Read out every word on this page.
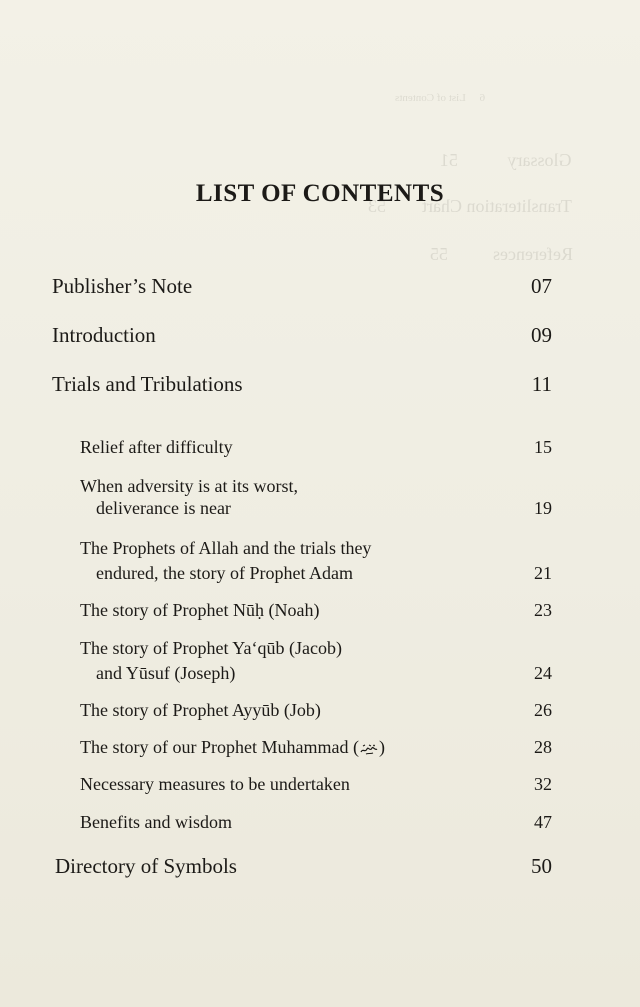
6     List of Contents
Glossary           51
Transliteration Chart        53
References          55
LIST OF CONTENTS
Publisher’s Note	07
Introduction	09
Trials and Tribulations	11
Relief after difficulty	15
When adversity is at its worst,
deliverance is near	19
The Prophets of Allah and the trials they
endured, the story of Prophet Adam	21
The story of Prophet Nūḥ (Noah)	23
The story of Prophet Ya‘qūb (Jacob)
and Yūsuf (Joseph)	24
The story of Prophet Ayyūb (Job)	26
The story of our Prophet Muhammad ( )	28
Necessary measures to be undertaken	32
Benefits and wisdom	47
Directory of Symbols	50
